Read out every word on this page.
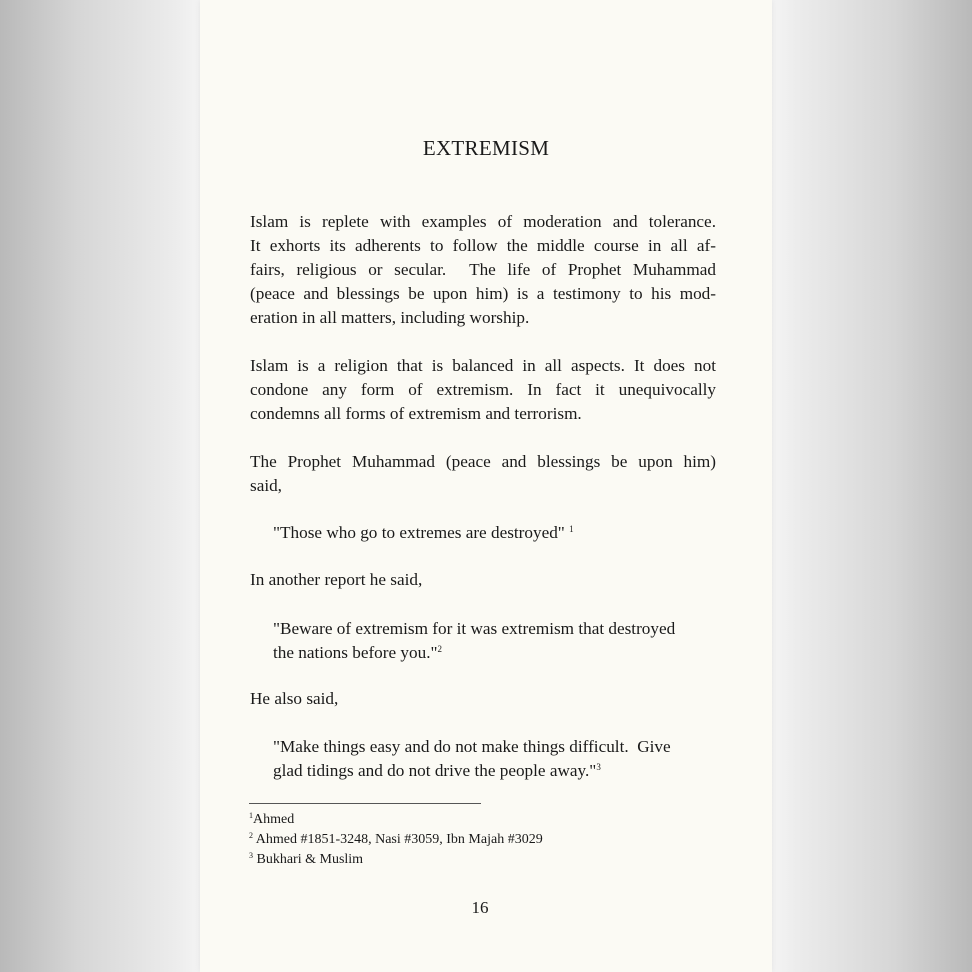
EXTREMISM
Islam is replete with examples of moderation and tolerance.
It exhorts its adherents to follow the middle course in all af-
fairs, religious or secular.  The life of Prophet Muhammad
(peace and blessings be upon him) is a testimony to his mod-
eration in all matters, including worship.
Islam is a religion that is balanced in all aspects. It does not
condone any form of extremism. In fact it unequivocally
condemns all forms of extremism and terrorism.
The Prophet Muhammad (peace and blessings be upon him)
said,
"Those who go to extremes are destroyed" $^1$
In another report he said,
"Beware of extremism for it was extremism that destroyed
the nations before you."$^2$
He also said,
"Make things easy and do not make things difficult.  Give
glad tidings and do not drive the people away."$^3$
$^1$Ahmed
$^2$ Ahmed #1851-3248, Nasi #3059, Ibn Majah #3029
$^3$ Bukhari & Muslim
16
